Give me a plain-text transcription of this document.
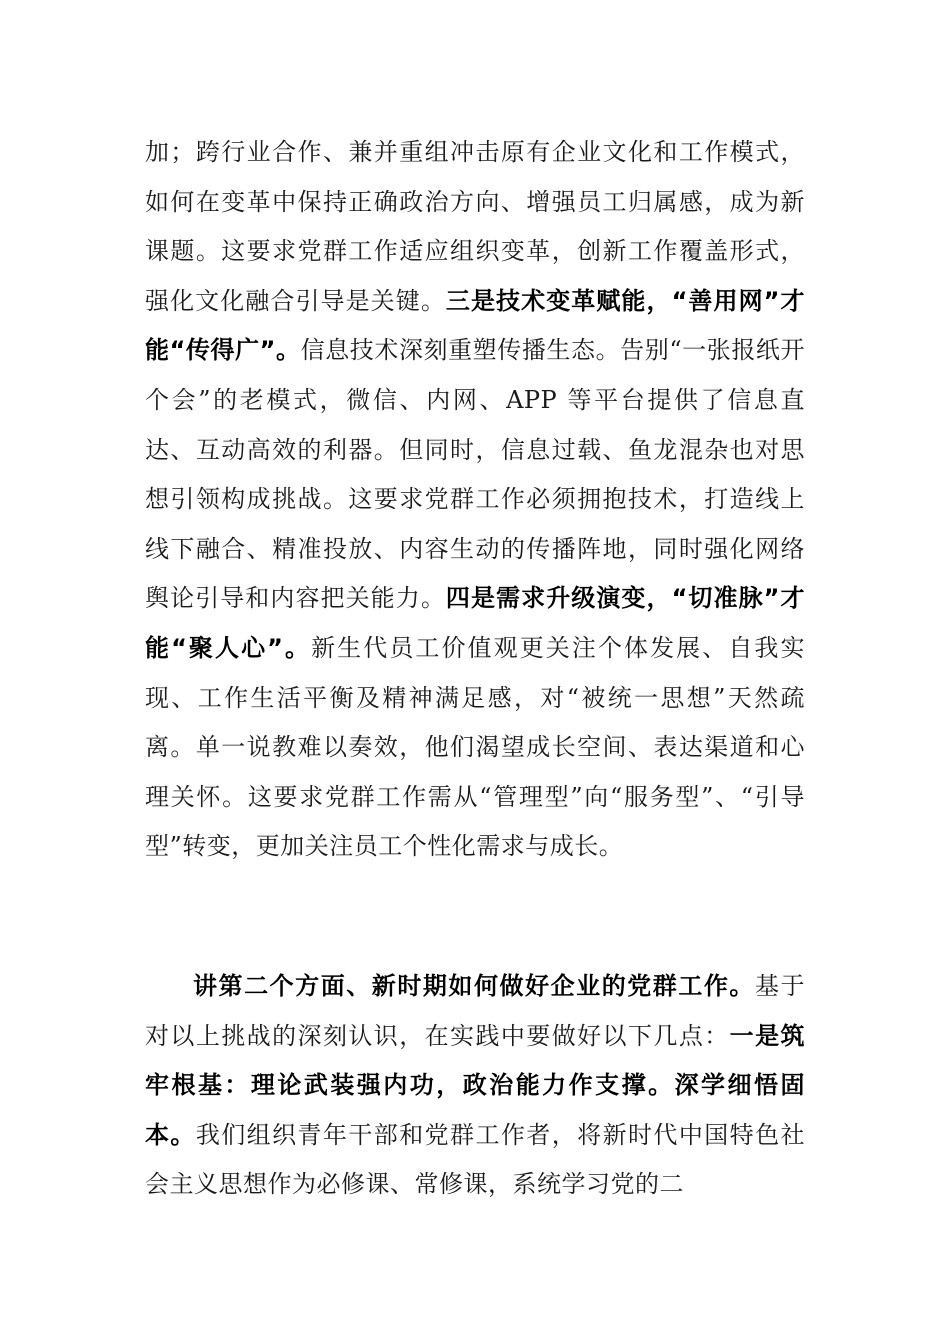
加；跨行业合作、兼并重组冲击原有企业文化和工作模式，如何在变革中保持正确政治方向、增强员工归属感，成为新课题。这要求党群工作适应组织变革，创新工作覆盖形式，强化文化融合引导是关键。三是技术变革赋能，“善用网”才能“传得广”。信息技术深刻重塑传播生态。告别“一张报纸开个会”的老模式，微信、内网、APP 等平台提供了信息直达、互动高效的利器。但同时，信息过载、鱼龙混杂也对思想引领构成挑战。这要求党群工作必须拥抱技术，打造线上线下融合、精准投放、内容生动的传播阵地，同时强化网络舆论引导和内容把关能力。四是需求升级演变，“切准脉”才能“聚人心”。新生代员工价值观更关注个体发展、自我实现、工作生活平衡及精神满足感，对“被统一思想”天然疏离。单一说教难以奏效，他们渴望成长空间、表达渠道和心理关怀。这要求党群工作需从“管理型”向“服务型”、“引导型”转变，更加关注员工个性化需求与成长。

讲第二个方面、新时期如何做好企业的党群工作。基于对以上挑战的深刻认识，在实践中要做好以下几点：一是筑牢根基：理论武装强内功，政治能力作支撑。深学细悟固本。我们组织青年干部和党群工作者，将新时代中国特色社会主义思想作为必修课、常修课，系统学习党的二
